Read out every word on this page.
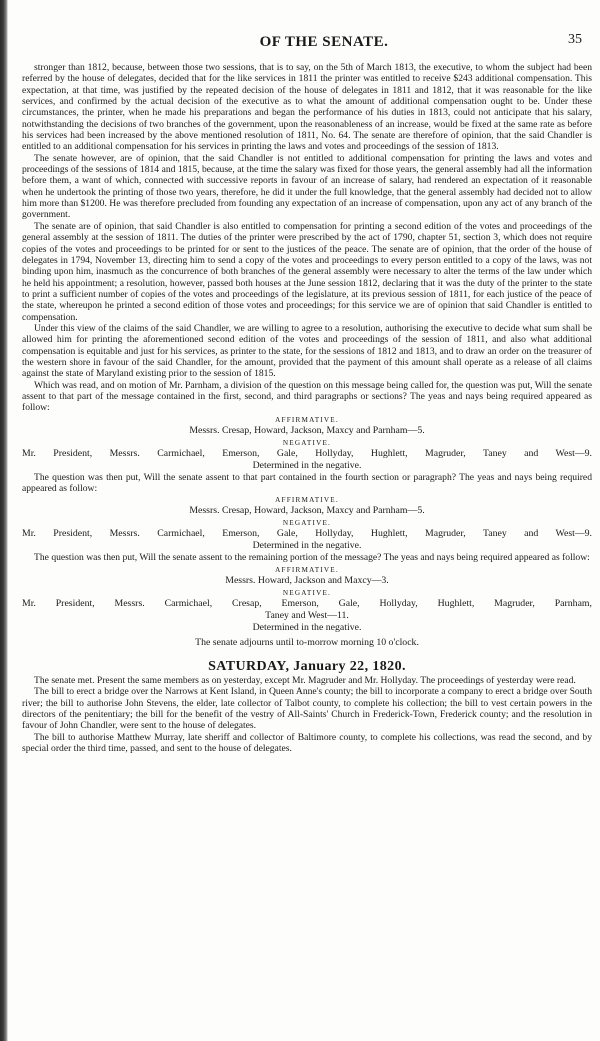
OF THE SENATE.	35

stronger than 1812, because, between those two sessions, that is to say, on the 5th of March 1813, the executive, to whom the subject had been referred by the house of delegates, decided that for the like services in 1811 the printer was entitled to receive $243 additional compensation. This expectation, at that time, was justified by the repeated decision of the house of delegates in 1811 and 1812, that it was reasonable for the like services, and confirmed by the actual decision of the executive as to what the amount of additional compensation ought to be. Under these circumstances, the printer, when he made his preparations and began the performance of his duties in 1813, could not anticipate that his salary, notwithstanding the decisions of two branches of the government, upon the reasonableness of an increase, would be fixed at the same rate as before his services had been increased by the above mentioned resolution of 1811, No. 64. The senate are therefore of opinion, that the said Chandler is entitled to an additional compensation for his services in printing the laws and votes and proceedings of the session of 1813.

The senate however, are of opinion, that the said Chandler is not entitled to additional compensation for printing the laws and votes and proceedings of the sessions of 1814 and 1815, because, at the time the salary was fixed for those years, the general assembly had all the information before them, a want of which, connected with successive reports in favour of an increase of salary, had rendered an expectation of it reasonable when he undertook the printing of those two years, therefore, he did it under the full knowledge, that the general assembly had decided not to allow him more than $1200. He was therefore precluded from founding any expectation of an increase of compensation, upon any act of any branch of the government.

The senate are of opinion, that said Chandler is also entitled to compensation for printing a second edition of the votes and proceedings of the general assembly at the session of 1811. The duties of the printer were prescribed by the act of 1790, chapter 51, section 3, which does not require copies of the votes and proceedings to be printed for or sent to the justices of the peace. The senate are of opinion, that the order of the house of delegates in 1794, November 13, directing him to send a copy of the votes and proceedings to every person entitled to a copy of the laws, was not binding upon him, inasmuch as the concurrence of both branches of the general assembly were necessary to alter the terms of the law under which he held his appointment; a resolution, however, passed both houses at the June session 1812, declaring that it was the duty of the printer to the state to print a sufficient number of copies of the votes and proceedings of the legislature, at its previous session of 1811, for each justice of the peace of the state, whereupon he printed a second edition of those votes and proceedings; for this service we are of opinion that said Chandler is entitled to compensation.

Under this view of the claims of the said Chandler, we are willing to agree to a resolution, authorising the executive to decide what sum shall be allowed him for printing the aforementioned second edition of the votes and proceedings of the session of 1811, and also what additional compensation is equitable and just for his services, as printer to the state, for the sessions of 1812 and 1813, and to draw an order on the treasurer of the western shore in favour of the said Chandler, for the amount, provided that the payment of this amount shall operate as a release of all claims against the state of Maryland existing prior to the session of 1815.

Which was read, and on motion of Mr. Parnham, a division of the question on this message being called for, the question was put, Will the senate assent to that part of the message contained in the first, second, and third paragraphs or sections? The yeas and nays being required appeared as follow:

AFFIRMATIVE.
Messrs. Cresap, Howard, Jackson, Maxcy and Parnham—5.
NEGATIVE.
Mr. President, Messrs. Carmichael, Emerson, Gale, Hollyday, Hughlett, Magruder, Taney and West—9.
Determined in the negative.

The question was then put, Will the senate assent to that part contained in the fourth section or paragraph? The yeas and nays being required appeared as follow:

AFFIRMATIVE.
Messrs. Cresap, Howard, Jackson, Maxcy and Parnham—5.
NEGATIVE.
Mr. President, Messrs. Carmichael, Emerson, Gale, Hollyday, Hughlett, Magruder, Taney and West—9.
Determined in the negative.

The question was then put, Will the senate assent to the remaining portion of the message? The yeas and nays being required appeared as follow:

AFFIRMATIVE.
Messrs. Howard, Jackson and Maxcy—3.
NEGATIVE.
Mr. President, Messrs. Carmichael, Cresap, Emerson, Gale, Hollyday, Hughlett, Magruder, Parnham,
Taney and West—11.
Determined in the negative.
The senate adjourns until to-morrow morning 10 o'clock.
SATURDAY, January 22, 1820.

The senate met. Present the same members as on yesterday, except Mr. Magruder and Mr. Hollyday. The proceedings of yesterday were read.

The bill to erect a bridge over the Narrows at Kent Island, in Queen Anne's county; the bill to incorporate a company to erect a bridge over South river; the bill to authorise John Stevens, the elder, late collector of Talbot county, to complete his collection; the bill to vest certain powers in the directors of the penitentiary; the bill for the benefit of the vestry of All-Saints' Church in Frederick-Town, Frederick county; and the resolution in favour of John Chandler, were sent to the house of delegates.

The bill to authorise Matthew Murray, late sheriff and collector of Baltimore county, to complete his collections, was read the second, and by special order the third time, passed, and sent to the house of delegates.
